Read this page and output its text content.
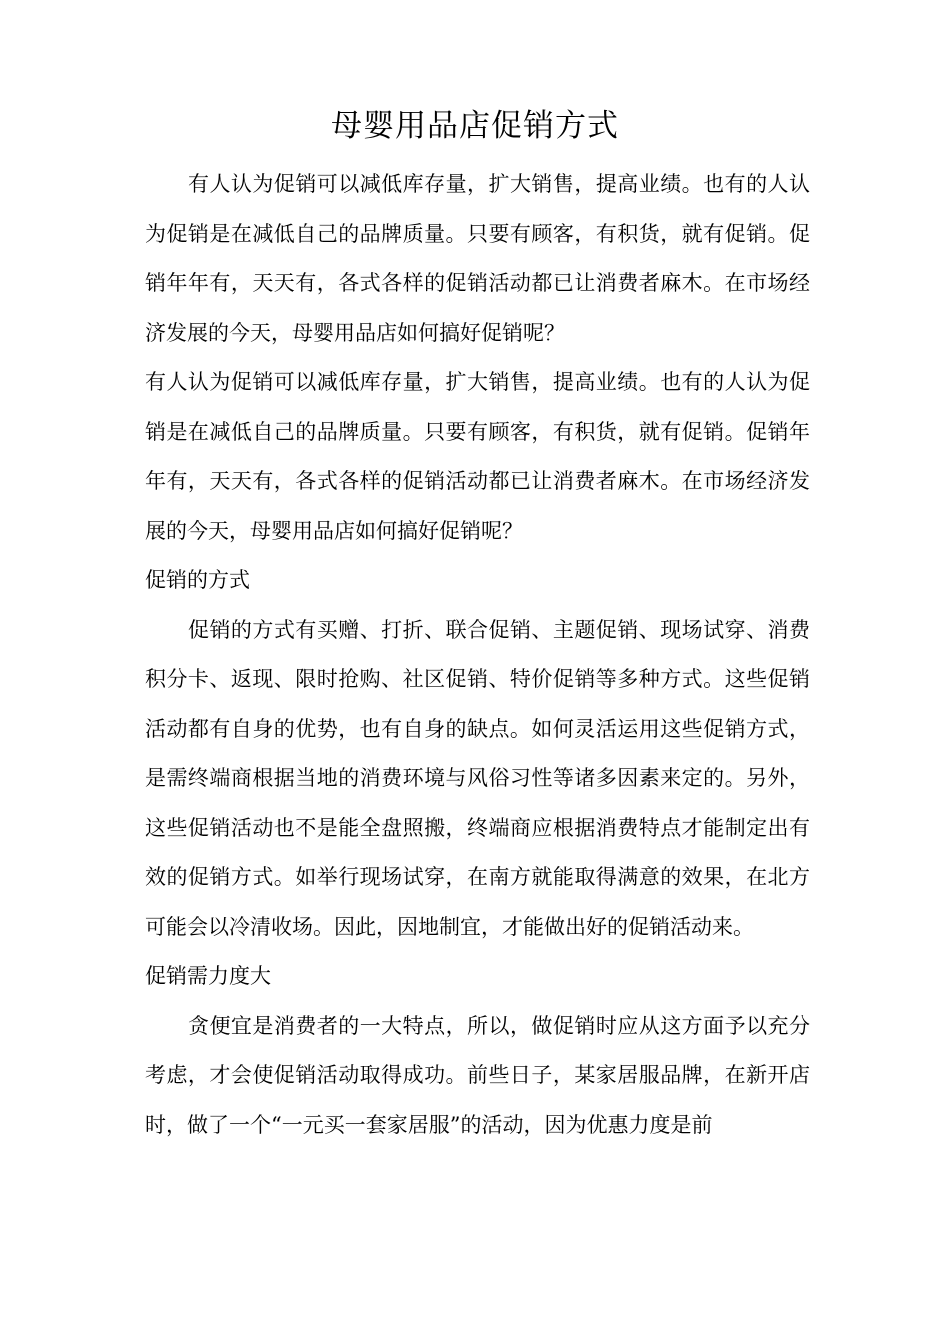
母婴用品店促销方式

有人认为促销可以减低库存量，扩大销售，提高业绩。也有的人认为促销是在减低自己的品牌质量。只要有顾客，有积货，就有促销。促销年年有，天天有，各式各样的促销活动都已让消费者麻木。在市场经济发展的今天，母婴用品店如何搞好促销呢？

有人认为促销可以减低库存量，扩大销售，提高业绩。也有的人认为促销是在减低自己的品牌质量。只要有顾客，有积货，就有促销。促销年年有，天天有，各式各样的促销活动都已让消费者麻木。在市场经济发展的今天，母婴用品店如何搞好促销呢？

促销的方式

促销的方式有买赠、打折、联合促销、主题促销、现场试穿、消费积分卡、返现、限时抢购、社区促销、特价促销等多种方式。这些促销活动都有自身的优势，也有自身的缺点。如何灵活运用这些促销方式，是需终端商根据当地的消费环境与风俗习性等诸多因素来定的。另外，这些促销活动也不是能全盘照搬，终端商应根据消费特点才能制定出有效的促销方式。如举行现场试穿，在南方就能取得满意的效果，在北方可能会以冷清收场。因此，因地制宜，才能做出好的促销活动来。

促销需力度大

贪便宜是消费者的一大特点，所以，做促销时应从这方面予以充分考虑，才会使促销活动取得成功。前些日子，某家居服品牌，在新开店时，做了一个“一元买一套家居服”的活动，因为优惠力度是前
